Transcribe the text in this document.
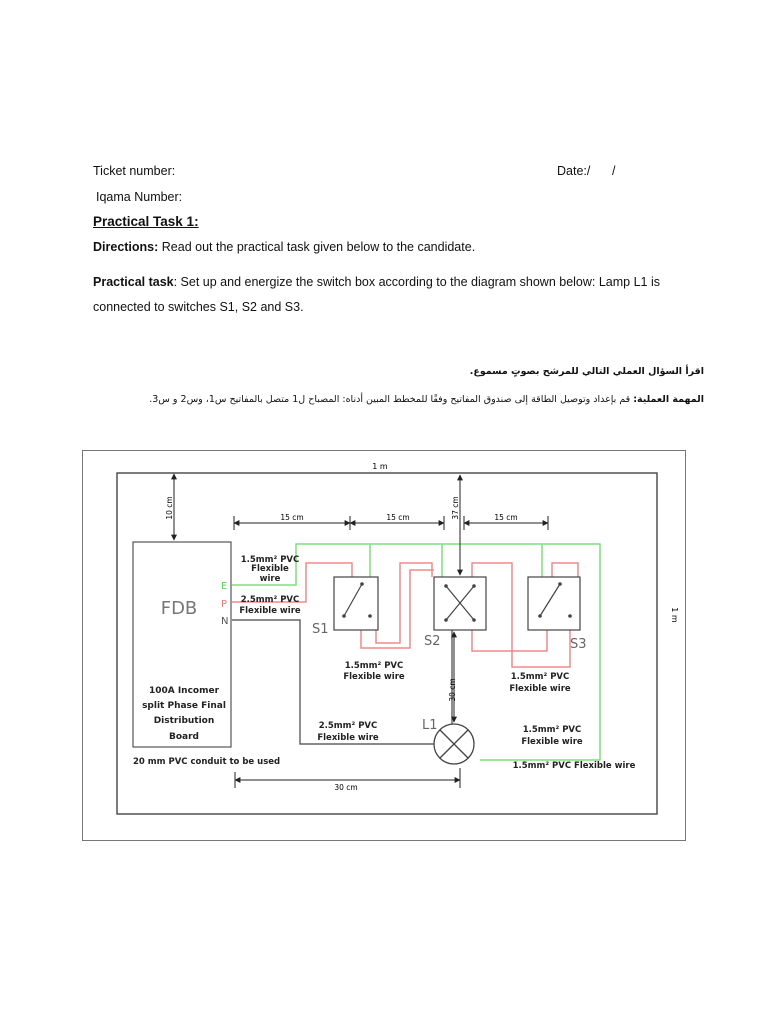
Ticket number:	Date:/ /
Iqama Number:
Practical Task 1:
Directions: Read out the practical task given below to the candidate.
Practical task: Set up and energize the switch box according to the diagram shown below: Lamp L1 is
connected to switches S1, S2 and S3.
اقرأ السؤال العملي التالي للمرشح بصوتٍ مسموع.
المهمة العملية: قم بإعداد وتوصيل الطاقة إلى صندوق المفاتيح وفقًا للمخطط المبين أدناه: المصباح ل1 متصل بالمفاتيح س1، وس2 و س3.
1 m
1 m
10 cm	37 cm
15 cm	15 cm	15 cm
30 cm
30 cm
FDB
E
P
N
100A Incomer
split Phase Final
Distribution
Board
20 mm PVC conduit to be used
1.5mm² PVC
Flexible
wire
2.5mm² PVC
Flexible wire
1.5mm² PVC
Flexible wire	1.5mm² PVC
Flexible wire
2.5mm² PVC
Flexible wire
1.5mm² PVC
Flexible wire
1.5mm² PVC Flexible wire
S1
S2	S3
L1
